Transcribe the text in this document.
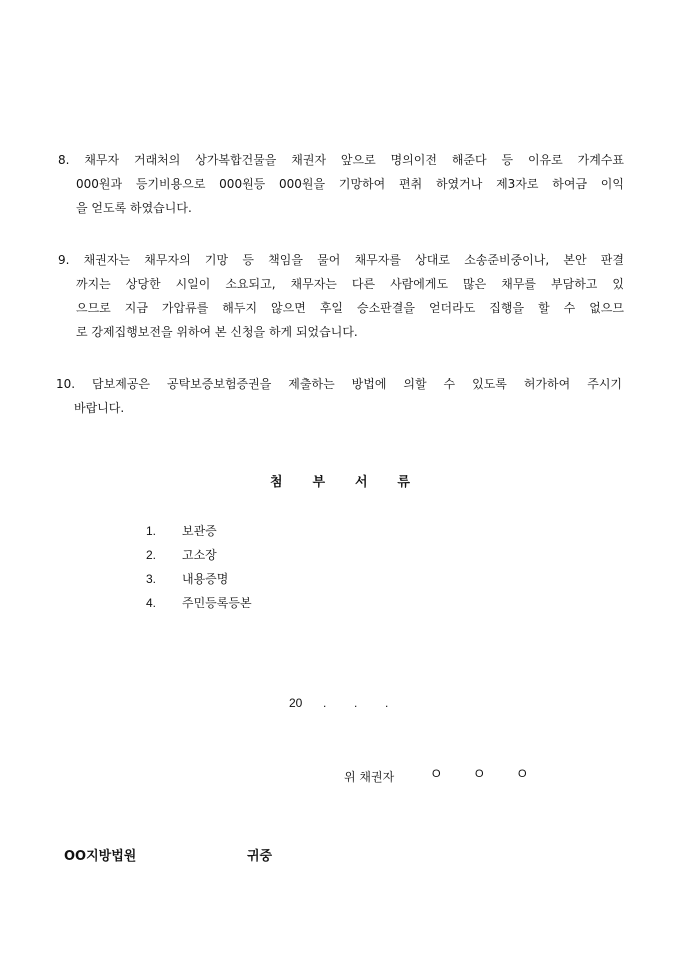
8. 채무자 거래처의 상가복합건물을 채권자 앞으로 명의이전 해준다 등 이유로 가계수표
000원과 등기비용으로 000원등 000원을 기망하여 편취 하였거나 제3자로 하여금 이익
을 얻도록 하였습니다.
9. 채권자는 채무자의 기망 등 책임을 물어 채무자를 상대로 소송준비중이나, 본안 판결
까지는 상당한 시일이 소요되고, 채무자는 다른 사람에게도 많은 채무를 부담하고 있
으므로 지금 가압류를 해두지 않으면 후일 승소판결을 얻더라도 집행을 할 수 없으므
로 강제집행보전을 위하여 본 신청을 하게 되었습니다.
10. 담보제공은 공탁보증보험증권을 제출하는 방법에 의할 수 있도록 허가하여 주시기
바랍니다.
첨 부 서 류
1.	보관증
2.	고소장
3.	내용증명
4.	주민등록등본
20	.	.	.
위 채권자	O	O	O
OO지방법원	귀중
